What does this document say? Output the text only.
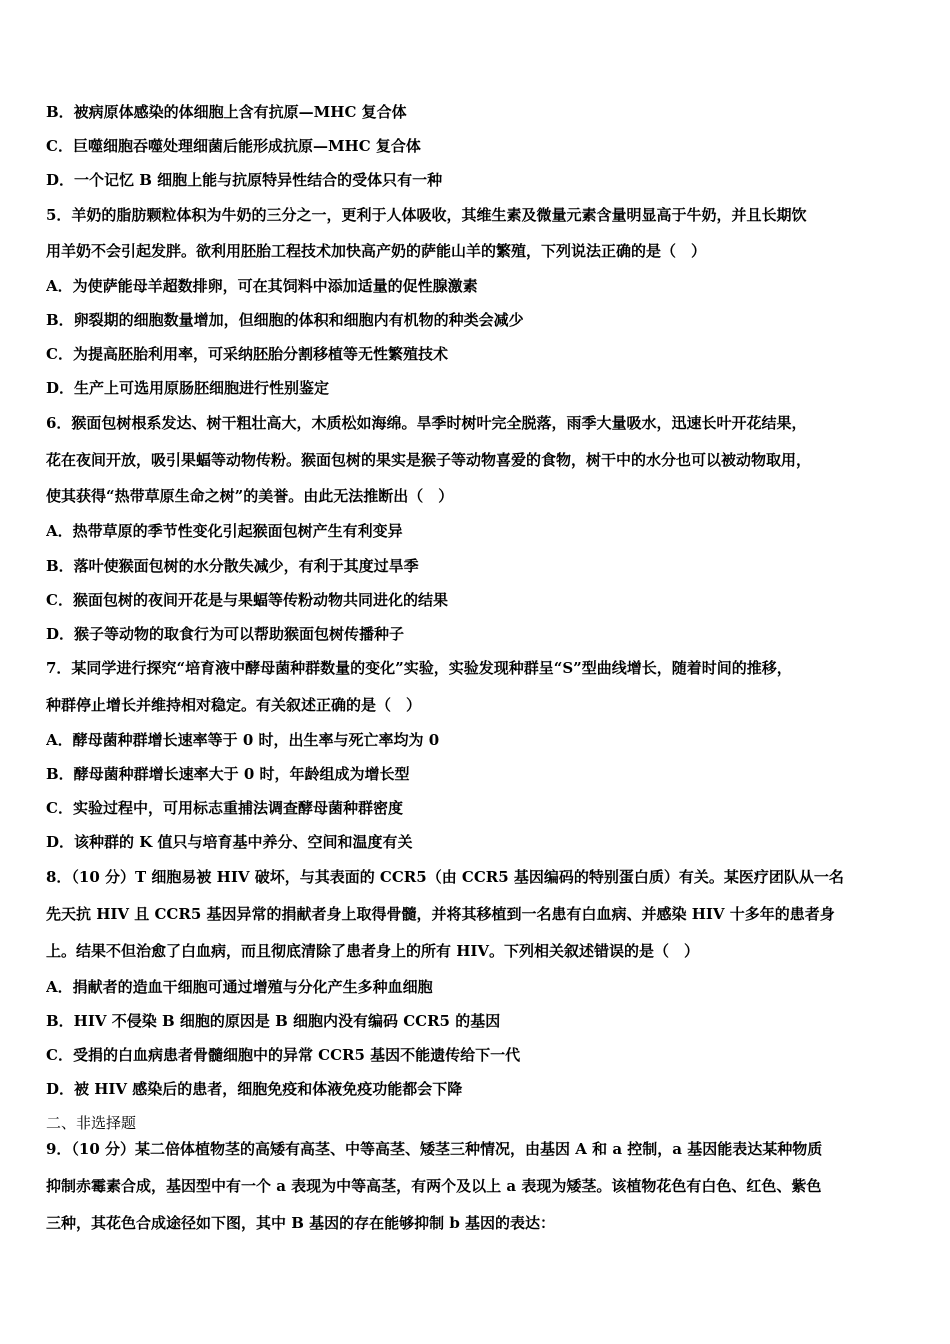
B．被病原体感染的体细胞上含有抗原—MHC 复合体
C．巨噬细胞吞噬处理细菌后能形成抗原—MHC 复合体
D．一个记忆 B 细胞上能与抗原特异性结合的受体只有一种
5．羊奶的脂肪颗粒体积为牛奶的三分之一，更利于人体吸收，其维生素及微量元素含量明显高于牛奶，并且长期饮
用羊奶不会引起发胖。欲利用胚胎工程技术加快高产奶的萨能山羊的繁殖，下列说法正确的是（　）
A．为使萨能母羊超数排卵，可在其饲料中添加适量的促性腺激素
B．卵裂期的细胞数量增加，但细胞的体积和细胞内有机物的种类会减少
C．为提高胚胎利用率，可采纳胚胎分割移植等无性繁殖技术
D．生产上可选用原肠胚细胞进行性别鉴定
6．猴面包树根系发达、树干粗壮高大，木质松如海绵。旱季时树叶完全脱落，雨季大量吸水，迅速长叶开花结果，
花在夜间开放，吸引果蝠等动物传粉。猴面包树的果实是猴子等动物喜爱的食物，树干中的水分也可以被动物取用，
使其获得“热带草原生命之树”的美誉。由此无法推断出（　）
A．热带草原的季节性变化引起猴面包树产生有利变异
B．落叶使猴面包树的水分散失减少，有利于其度过旱季
C．猴面包树的夜间开花是与果蝠等传粉动物共同进化的结果
D．猴子等动物的取食行为可以帮助猴面包树传播种子
7．某同学进行探究“培育液中酵母菌种群数量的变化”实验，实验发现种群呈“S”型曲线增长，随着时间的推移，
种群停止增长并维持相对稳定。有关叙述正确的是（　）
A．酵母菌种群增长速率等于 0 时，出生率与死亡率均为 0
B．酵母菌种群增长速率大于 0 时，年龄组成为增长型
C．实验过程中，可用标志重捕法调查酵母菌种群密度
D．该种群的 K 值只与培育基中养分、空间和温度有关
8．（10 分）T 细胞易被 HIV 破坏，与其表面的 CCR5（由 CCR5 基因编码的特别蛋白质）有关。某医疗团队从一名
先天抗 HIV 且 CCR5 基因异常的捐献者身上取得骨髓，并将其移植到一名患有白血病、并感染 HIV 十多年的患者身
上。结果不但治愈了白血病，而且彻底清除了患者身上的所有 HIV。下列相关叙述错误的是（　）
A．捐献者的造血干细胞可通过增殖与分化产生多种血细胞
B．HIV 不侵染 B 细胞的原因是 B 细胞内没有编码 CCR5 的基因
C．受捐的白血病患者骨髓细胞中的异常 CCR5 基因不能遗传给下一代
D．被 HIV 感染后的患者，细胞免疫和体液免疫功能都会下降
二、非选择题
9．（10 分）某二倍体植物茎的高矮有高茎、中等高茎、矮茎三种情况，由基因 A 和 a 控制，a 基因能表达某种物质
抑制赤霉素合成，基因型中有一个 a 表现为中等高茎，有两个及以上 a 表现为矮茎。该植物花色有白色、红色、紫色
三种，其花色合成途径如下图，其中 B 基因的存在能够抑制 b 基因的表达：
